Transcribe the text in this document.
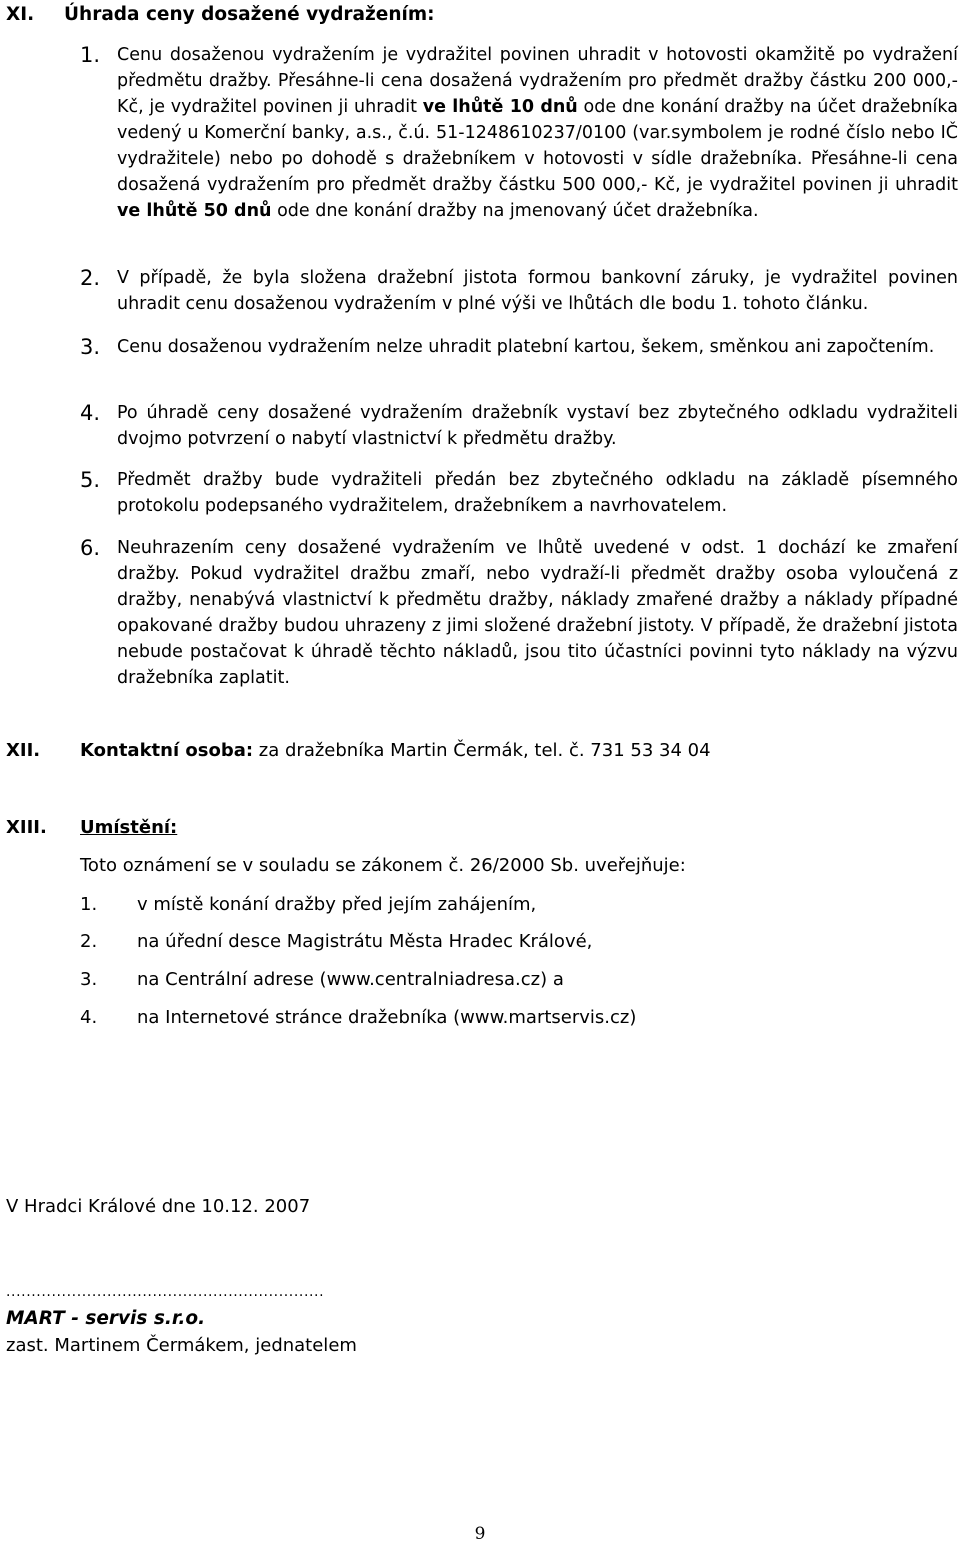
XI. Úhrada ceny dosažené vydražením:
1. Cenu dosaženou vydražením je vydražitel povinen uhradit v hotovosti okamžitě po vydražení předmětu dražby. Přesáhne-li cena dosažená vydražením pro předmět dražby částku 200 000,- Kč, je vydražitel povinen ji uhradit ve lhůtě 10 dnů ode dne konání dražby na účet dražebníka vedený u Komerční banky, a.s., č.ú. 51-1248610237/0100 (var.symbolem je rodné číslo nebo IČ vydražitele) nebo po dohodě s dražebníkem v hotovosti v sídle dražebníka. Přesáhne-li cena dosažená vydražením pro předmět dražby částku 500 000,- Kč, je vydražitel povinen ji uhradit ve lhůtě 50 dnů ode dne konání dražby na jmenovaný účet dražebníka.
2. V případě, že byla složena dražební jistota formou bankovní záruky, je vydražitel povinen uhradit cenu dosaženou vydražením v plné výši ve lhůtách dle bodu 1. tohoto článku.
3. Cenu dosaženou vydražením nelze uhradit platební kartou, šekem, směnkou ani započtením.
4. Po úhradě ceny dosažené vydražením dražebník vystaví bez zbytečného odkladu vydražiteli dvojmo potvrzení o nabytí vlastnictví k předmětu dražby.
5. Předmět dražby bude vydražiteli předán bez zbytečného odkladu na základě písemného protokolu podepsaného vydražitelem, dražebníkem a navrhovatelem.
6. Neuhrazením ceny dosažené vydražením ve lhůtě uvedené v odst. 1 dochází ke zmaření dražby. Pokud vydražitel dražbu zmaří, nebo vydraží-li předmět dražby osoba vyloučená z dražby, nenabývá vlastnictví k předmětu dražby, náklady zmařené dražby a náklady případné opakované dražby budou uhrazeny z jimi složené dražební jistoty. V případě, že dražební jistota nebude postačovat k úhradě těchto nákladů, jsou tito účastníci povinni tyto náklady na výzvu dražebníka zaplatit.
XII. Kontaktní osoba: za dražebníka Martin Čermák, tel. č. 731 53 34 04
XIII. Umístění:
Toto oznámení se v souladu se zákonem č. 26/2000 Sb. uveřejňuje:
1. v místě konání dražby před jejím zahájením,
2. na úřední desce Magistrátu Města Hradec Králové,
3. na Centrální adrese (www.centralniadresa.cz) a
4. na Internetové stránce dražebníka (www.martservis.cz)
V Hradci Králové dne 10.12. 2007
...............................................................
MART - servis s.r.o.
zast. Martinem Čermákem, jednatelem
9
